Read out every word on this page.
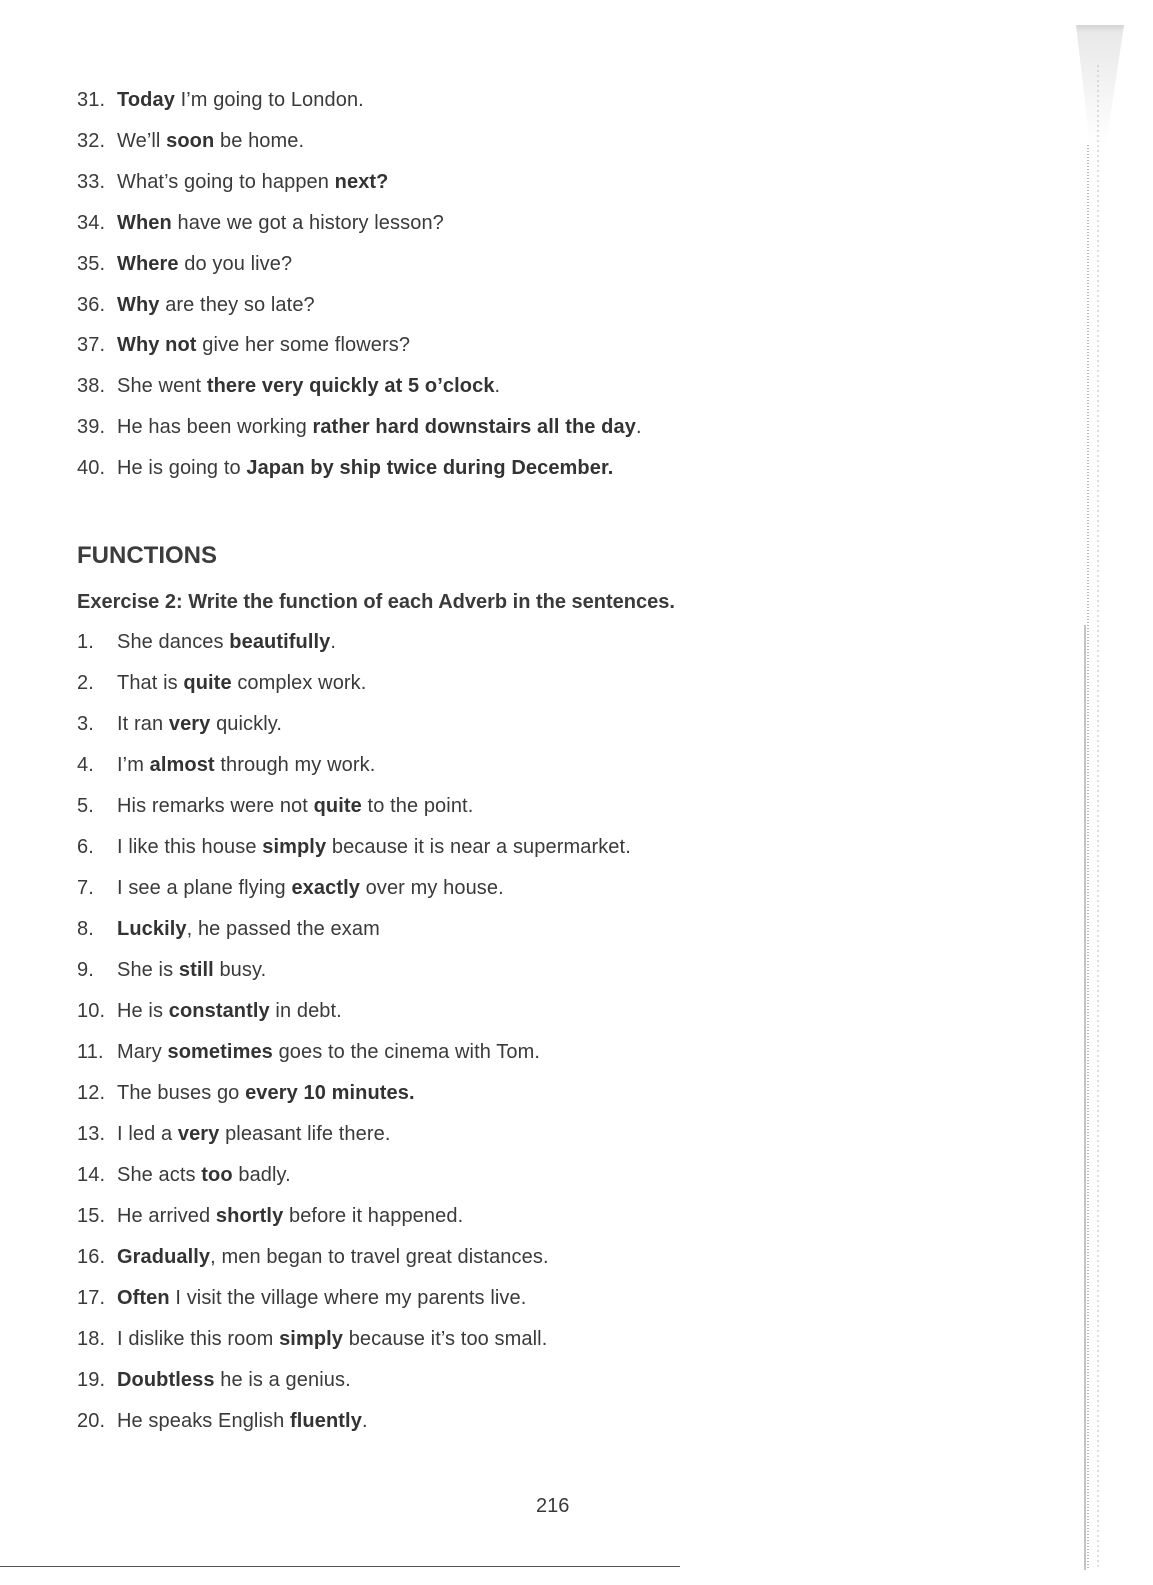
31. Today I’m going to London.
32. We’ll soon be home.
33. What’s going to happen next?
34. When have we got a history lesson?
35. Where do you live?
36. Why are they so late?
37. Why not give her some flowers?
38. She went there very quickly at 5 o’clock.
39. He has been working rather hard downstairs all the day.
40. He is going to Japan by ship twice during December.
FUNCTIONS
Exercise 2: Write the function of each Adverb in the sentences.
1. She dances beautifully.
2. That is quite complex work.
3. It ran very quickly.
4. I’m almost through my work.
5. His remarks were not quite to the point.
6. I like this house simply because it is near a supermarket.
7. I see a plane flying exactly over my house.
8. Luckily, he passed the exam
9. She is still busy.
10. He is constantly in debt.
11. Mary sometimes goes to the cinema with Tom.
12. The buses go every 10 minutes.
13. I led a very pleasant life there.
14. She acts too badly.
15. He arrived shortly before it happened.
16. Gradually, men began to travel great distances.
17. Often I visit the village where my parents live.
18. I dislike this room simply because it’s too small.
19. Doubtless he is a genius.
20. He speaks English fluently.
216
